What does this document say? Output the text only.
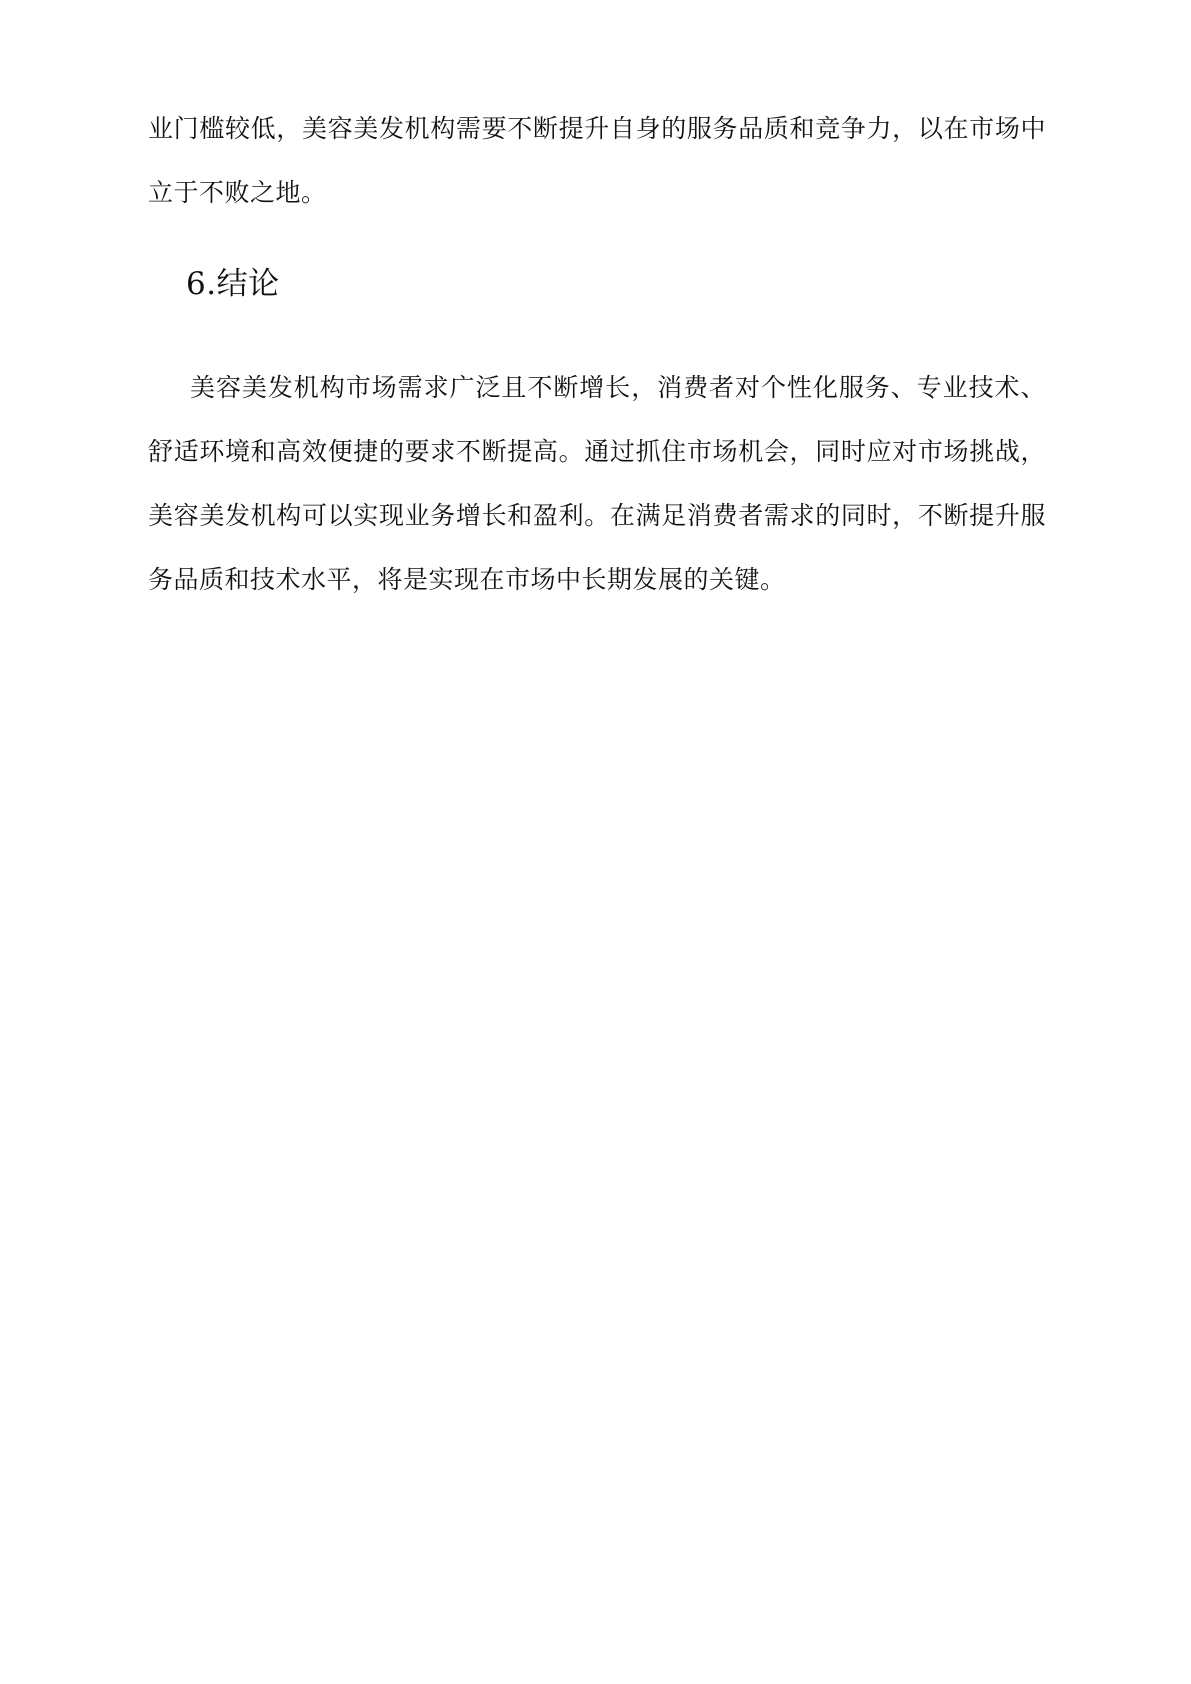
业门槛较低，美容美发机构需要不断提升自身的服务品质和竞争力，以在市场中立于不败之地。

6.结论

美容美发机构市场需求广泛且不断增长，消费者对个性化服务、专业技术、舒适环境和高效便捷的要求不断提高。通过抓住市场机会，同时应对市场挑战，美容美发机构可以实现业务增长和盈利。在满足消费者需求的同时，不断提升服务品质和技术水平，将是实现在市场中长期发展的关键。
